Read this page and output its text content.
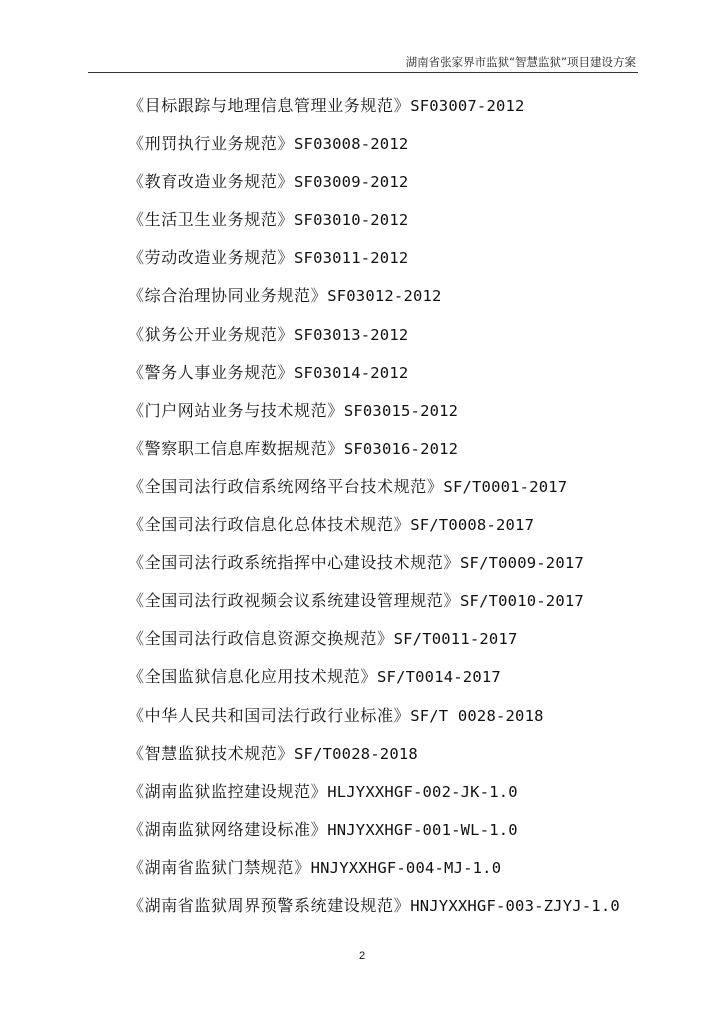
湖南省张家界市监狱“智慧监狱”项目建设方案
《目标跟踪与地理信息管理业务规范》SF03007-2012
《刑罚执行业务规范》SF03008-2012
《教育改造业务规范》SF03009-2012
《生活卫生业务规范》SF03010-2012
《劳动改造业务规范》SF03011-2012
《综合治理协同业务规范》SF03012-2012
《狱务公开业务规范》SF03013-2012
《警务人事业务规范》SF03014-2012
《门户网站业务与技术规范》SF03015-2012
《警察职工信息库数据规范》SF03016-2012
《全国司法行政信系统网络平台技术规范》SF/T0001-2017
《全国司法行政信息化总体技术规范》SF/T0008-2017
《全国司法行政系统指挥中心建设技术规范》SF/T0009-2017
《全国司法行政视频会议系统建设管理规范》SF/T0010-2017
《全国司法行政信息资源交换规范》SF/T0011-2017
《全国监狱信息化应用技术规范》SF/T0014-2017
《中华人民共和国司法行政行业标准》SF/T 0028-2018
《智慧监狱技术规范》SF/T0028-2018
《湖南监狱监控建设规范》HLJYXXHGF-002-JK-1.0
《湖南监狱网络建设标准》HNJYXXHGF-001-WL-1.0
《湖南省监狱门禁规范》HNJYXXHGF-004-MJ-1.0
《湖南省监狱周界预警系统建设规范》HNJYXXHGF-003-ZJYJ-1.0
2
